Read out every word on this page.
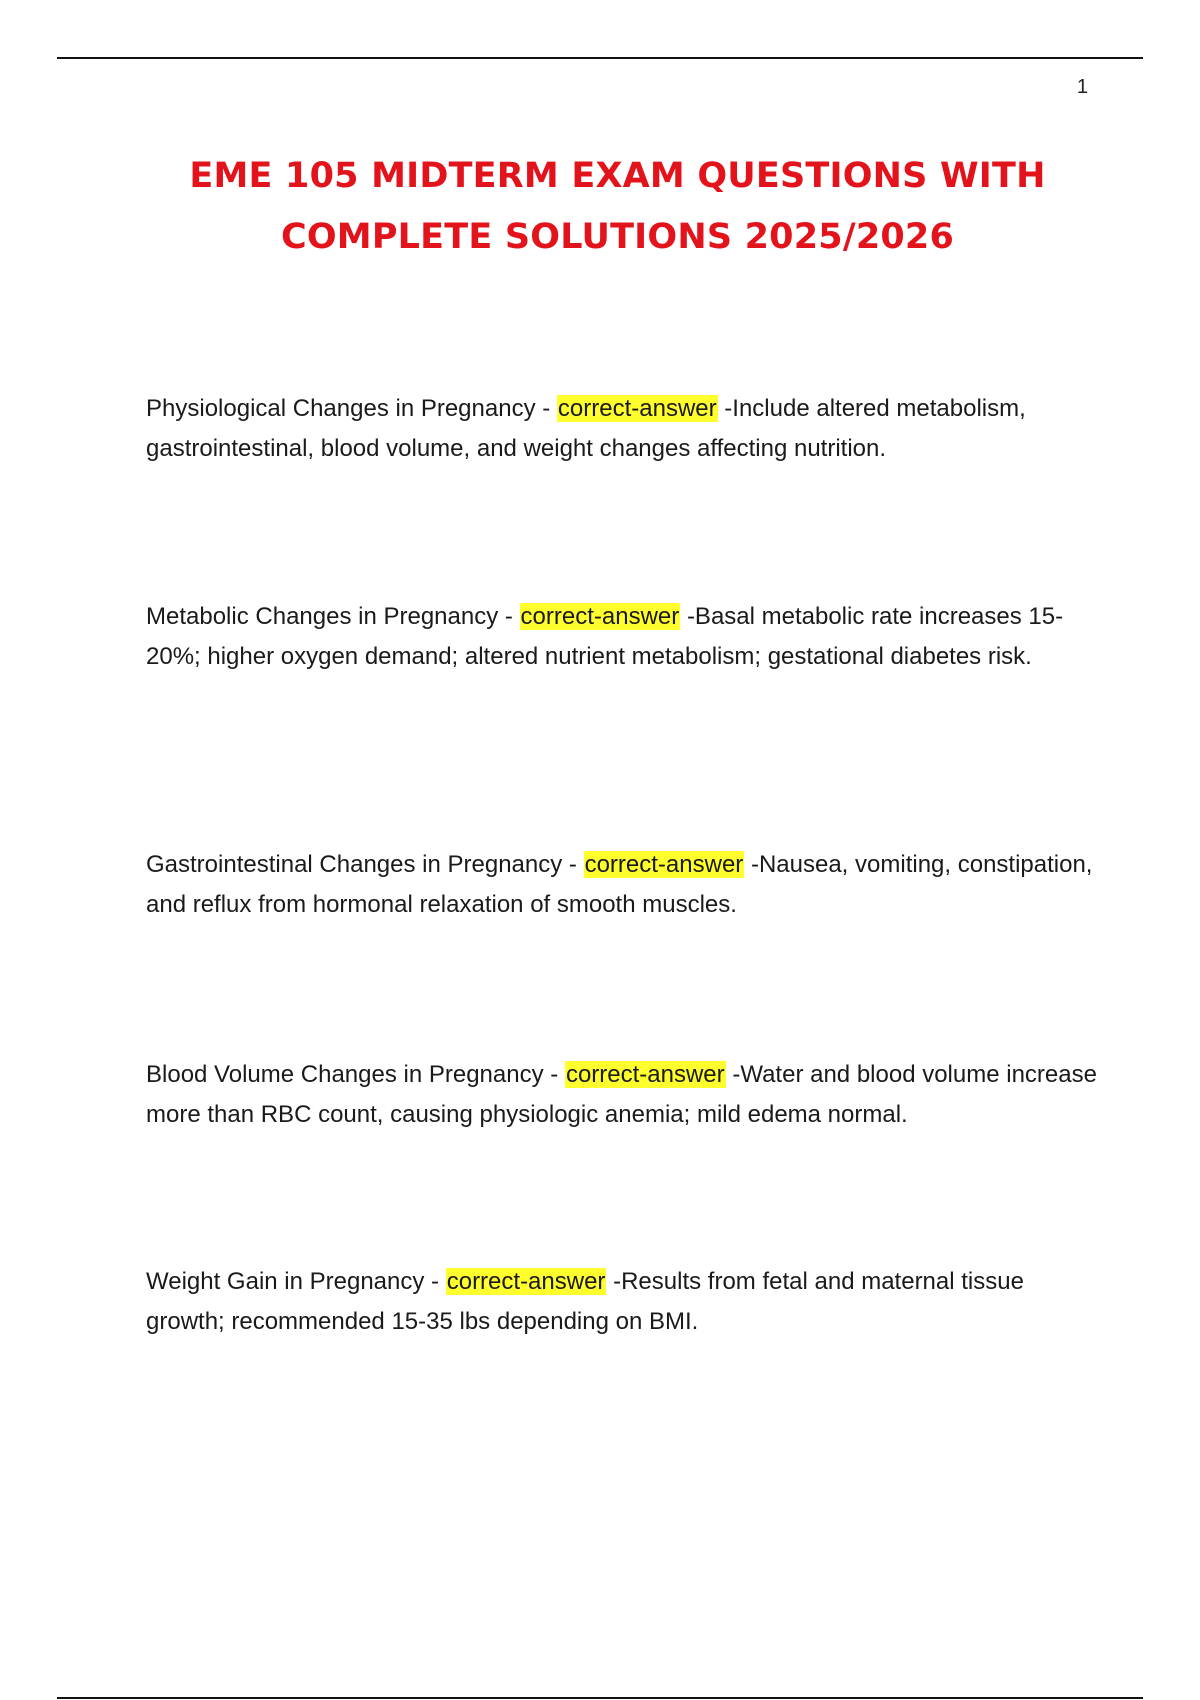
1
EME 105 MIDTERM EXAM QUESTIONS WITH
COMPLETE SOLUTIONS 2025/2026
Physiological Changes in Pregnancy - correct-answer -Include altered metabolism, gastrointestinal, blood volume, and weight changes affecting nutrition.
Metabolic Changes in Pregnancy - correct-answer -Basal metabolic rate increases 15-20%; higher oxygen demand; altered nutrient metabolism; gestational diabetes risk.
Gastrointestinal Changes in Pregnancy - correct-answer -Nausea, vomiting, constipation, and reflux from hormonal relaxation of smooth muscles.
Blood Volume Changes in Pregnancy - correct-answer -Water and blood volume increase more than RBC count, causing physiologic anemia; mild edema normal.
Weight Gain in Pregnancy - correct-answer -Results from fetal and maternal tissue growth; recommended 15-35 lbs depending on BMI.
